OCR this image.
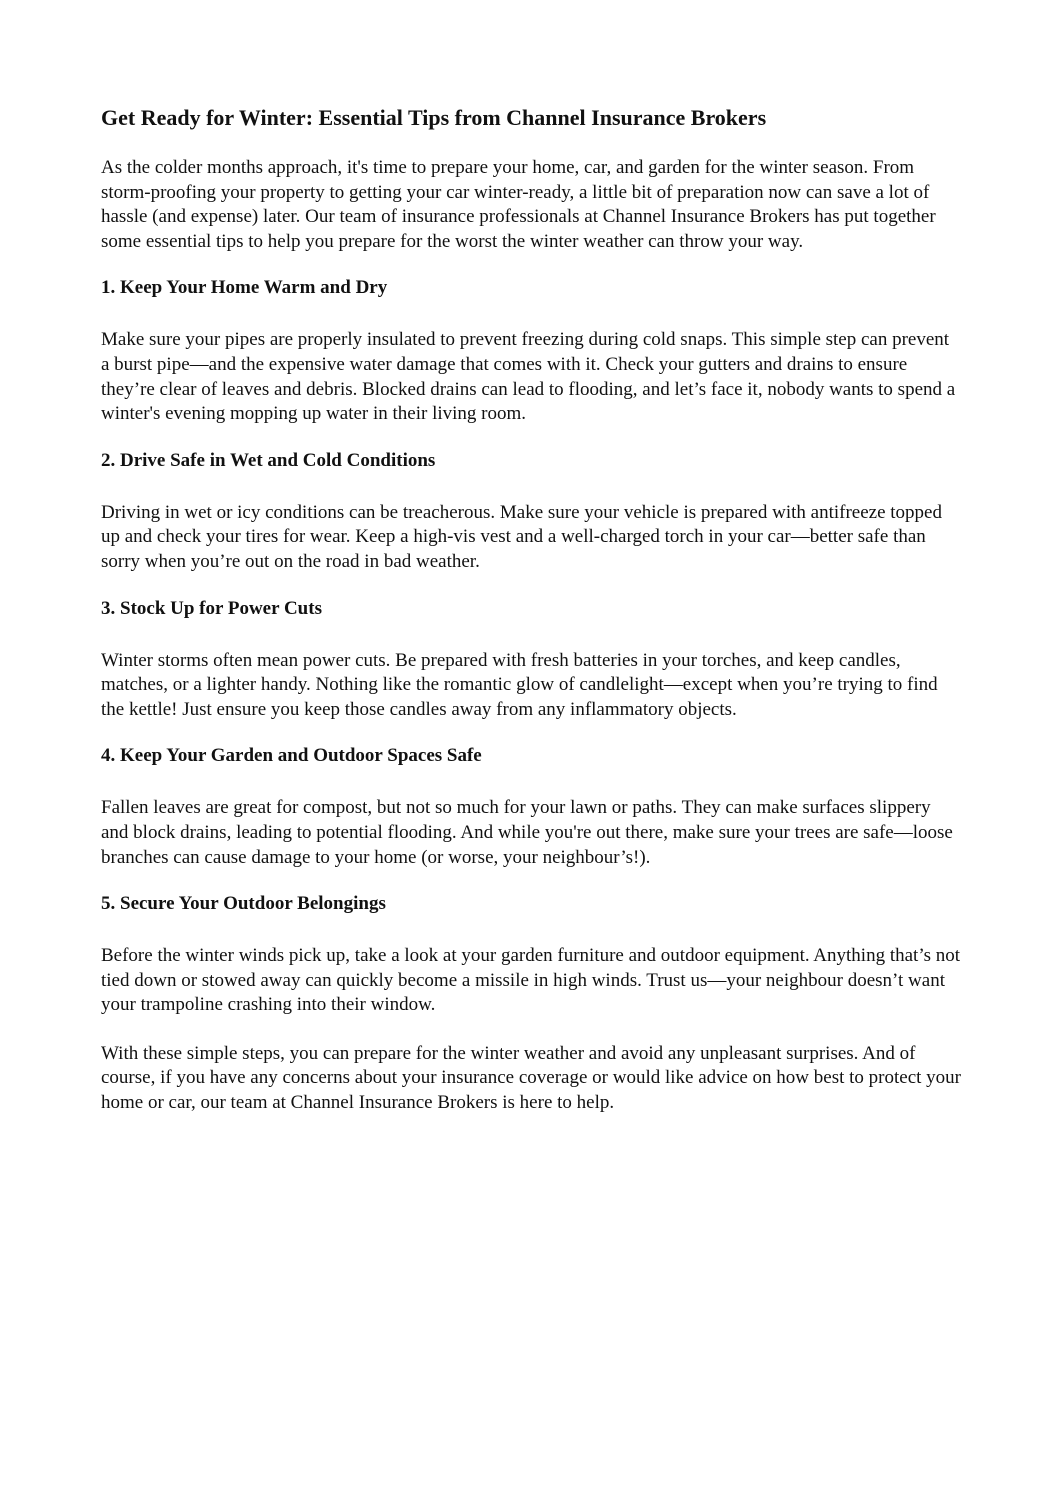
Get Ready for Winter: Essential Tips from Channel Insurance Brokers

As the colder months approach, it's time to prepare your home, car, and garden for the winter season. From storm-proofing your property to getting your car winter-ready, a little bit of preparation now can save a lot of hassle (and expense) later. Our team of insurance professionals at Channel Insurance Brokers has put together some essential tips to help you prepare for the worst the winter weather can throw your way.

1. Keep Your Home Warm and Dry

Make sure your pipes are properly insulated to prevent freezing during cold snaps. This simple step can prevent a burst pipe—and the expensive water damage that comes with it. Check your gutters and drains to ensure they’re clear of leaves and debris. Blocked drains can lead to flooding, and let’s face it, nobody wants to spend a winter's evening mopping up water in their living room.

2. Drive Safe in Wet and Cold Conditions

Driving in wet or icy conditions can be treacherous. Make sure your vehicle is prepared with antifreeze topped up and check your tires for wear. Keep a high-vis vest and a well-charged torch in your car—better safe than sorry when you’re out on the road in bad weather.

3. Stock Up for Power Cuts

Winter storms often mean power cuts. Be prepared with fresh batteries in your torches, and keep candles, matches, or a lighter handy. Nothing like the romantic glow of candlelight—except when you’re trying to find the kettle! Just ensure you keep those candles away from any inflammatory objects.

4. Keep Your Garden and Outdoor Spaces Safe

Fallen leaves are great for compost, but not so much for your lawn or paths. They can make surfaces slippery and block drains, leading to potential flooding. And while you're out there, make sure your trees are safe—loose branches can cause damage to your home (or worse, your neighbour’s!).

5. Secure Your Outdoor Belongings

Before the winter winds pick up, take a look at your garden furniture and outdoor equipment. Anything that’s not tied down or stowed away can quickly become a missile in high winds. Trust us—your neighbour doesn’t want your trampoline crashing into their window.

With these simple steps, you can prepare for the winter weather and avoid any unpleasant surprises. And of course, if you have any concerns about your insurance coverage or would like advice on how best to protect your home or car, our team at Channel Insurance Brokers is here to help.
